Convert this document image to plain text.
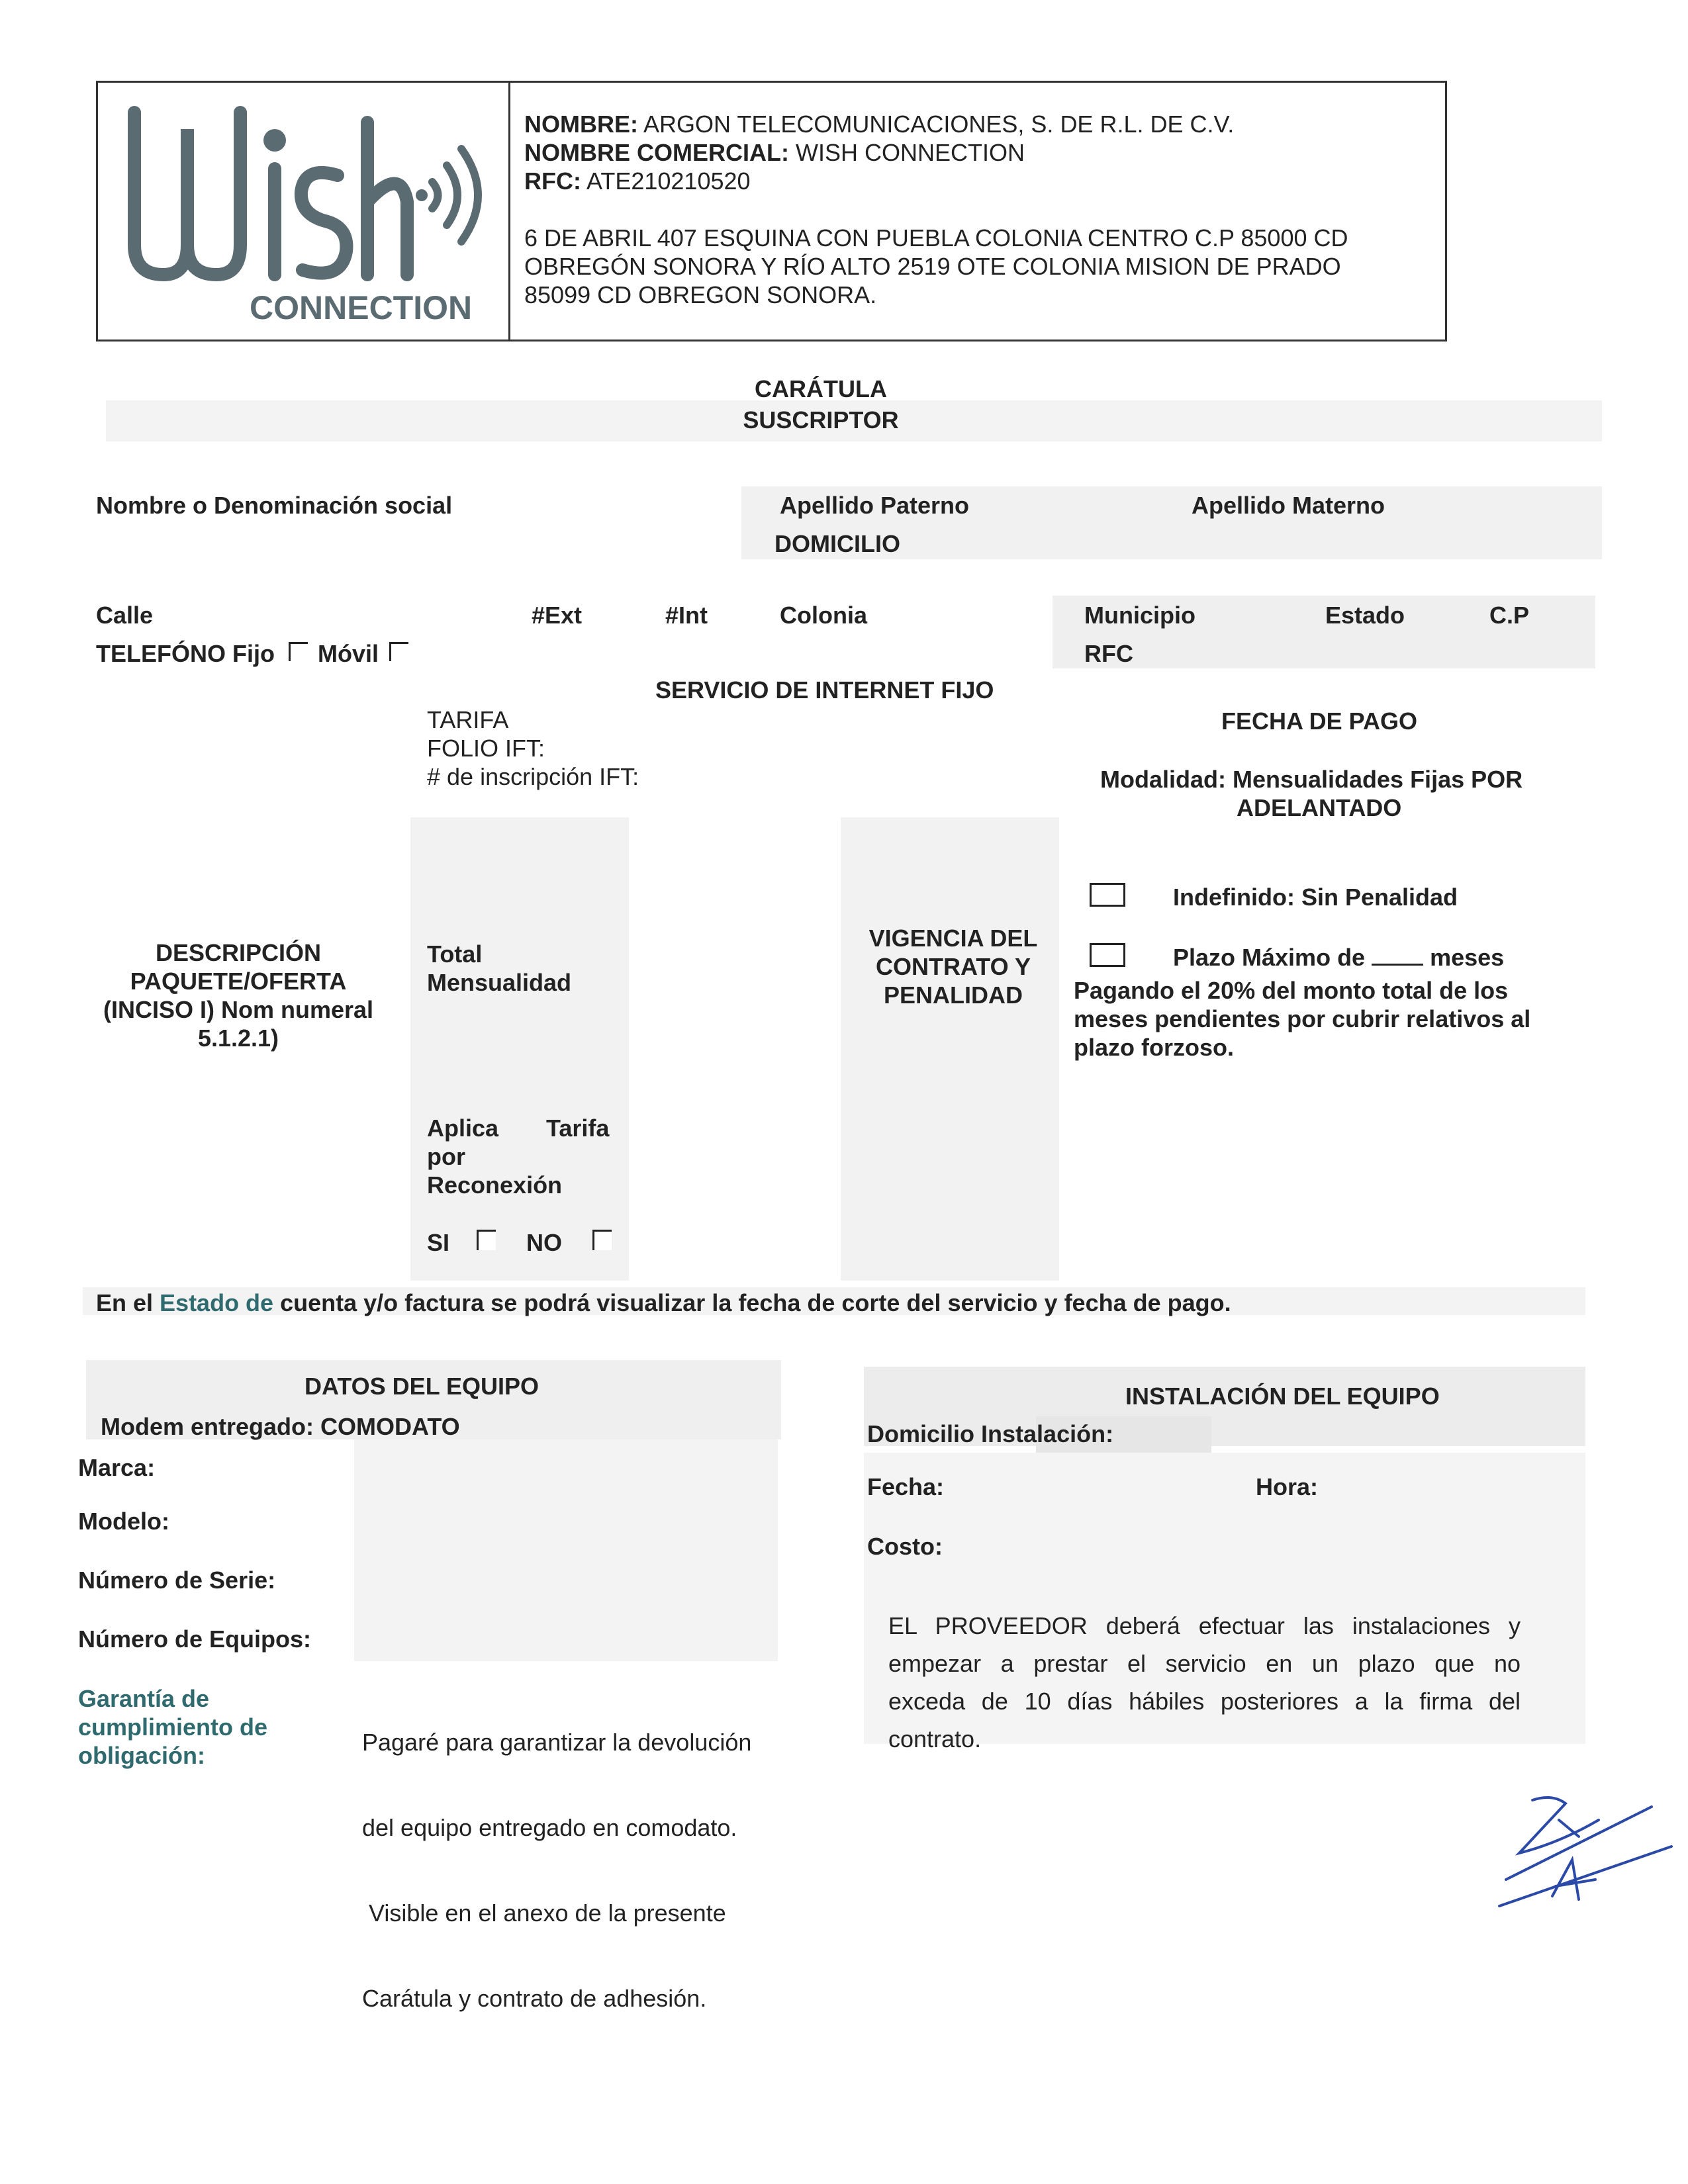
CONNECTION
NOMBRE: ARGON TELECOMUNICACIONES, S. DE R.L. DE C.V.
NOMBRE COMERCIAL: WISH CONNECTION
RFC: ATE210210520
6 DE ABRIL 407 ESQUINA CON PUEBLA COLONIA CENTRO C.P 85000 CD
OBREGÓN SONORA Y RÍO ALTO 2519 OTE COLONIA MISION DE PRADO
85099 CD OBREGON SONORA.
CARÁTULA
SUSCRIPTOR
Nombre o Denominación social	Apellido Paterno	Apellido Materno
DOMICILIO
Calle	#Ext	#Int	Colonia	Municipio	Estado	C.P
TELEFÓNO Fijo Móvil	RFC
SERVICIO DE INTERNET FIJO
TARIFA
FOLIO IFT:
# de inscripción IFT:
FECHA DE PAGO
Modalidad: Mensualidades Fijas POR
ADELANTADO
DESCRIPCIÓN
PAQUETE/OFERTA
(INCISO I) Nom numeral
5.1.2.1)
Total
Mensualidad
VIGENCIA DEL
CONTRATO Y
PENALIDAD
Indefinido: Sin Penalidad
Plazo Máximo de	meses
Pagando el 20% del monto total de los
meses pendientes por cubrir relativos al
plazo forzoso.
Aplica Tarifa
por
Reconexión
SI	NO
En el Estado de cuenta y/o factura se podrá visualizar la fecha de corte del servicio y fecha de pago.
DATOS DEL EQUIPO
Modem entregado: COMODATO
Marca:
Modelo:
Número de Serie:
Número de Equipos:
Garantía de
cumplimiento de
obligación:

	Pagaré para garantizar la devolución

del equipo entregado en comodato.

Visible en el anexo de la presente

Carátula y contrato de adhesión.

INSTALACIÓN DEL EQUIPO
Domicilio Instalación:
Fecha:	Hora:
Costo:
EL PROVEEDOR deberá efectuar las instalaciones y
empezar a prestar el servicio en un plazo que no
exceda de 10 días hábiles posteriores a la firma del
contrato.
